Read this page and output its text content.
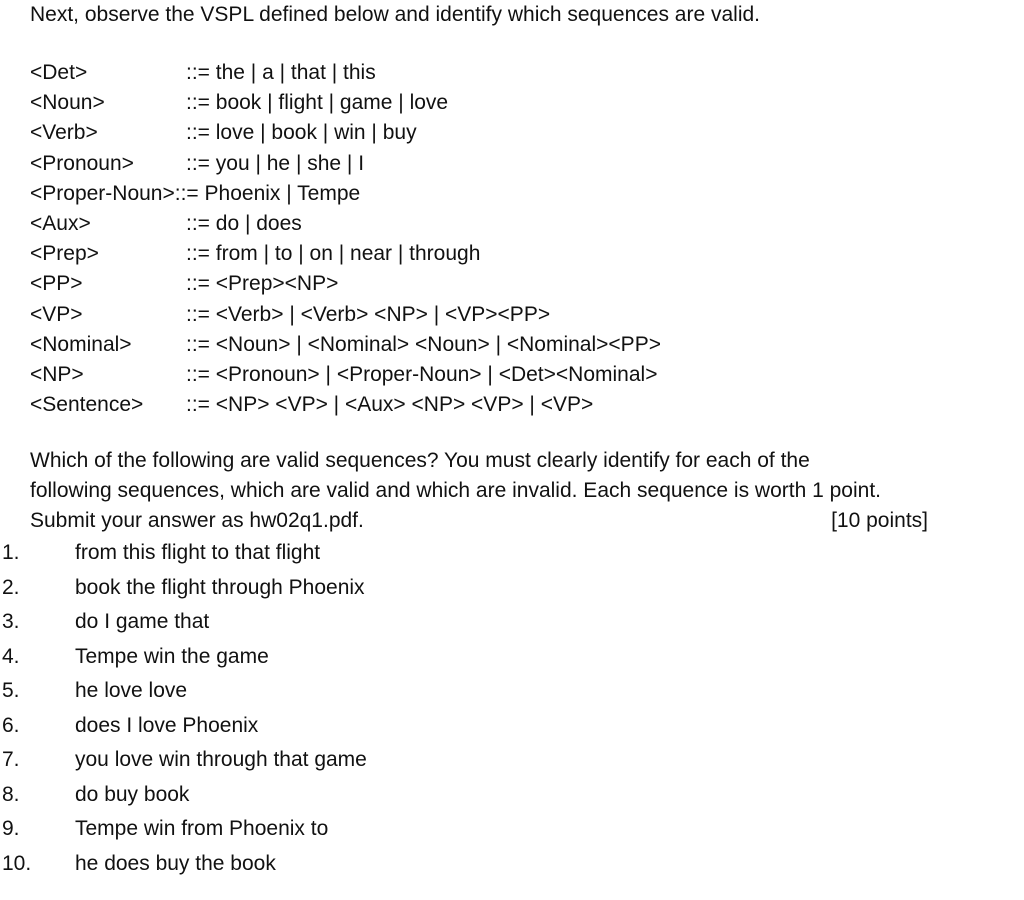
Next, observe the VSPL defined below and identify which sequences are valid.

<Det>	::= the | a | that | this
<Noun>	::= book | flight | game | love
<Verb>	::= love | book | win | buy
<Pronoun>	::= you | he | she | I
<Proper-Noun> ::= Phoenix | Tempe
<Aux>	::= do | does
<Prep>	::= from | to | on | near | through
<PP>	::= <Prep><NP>
<VP>	::= <Verb> | <Verb> <NP> | <VP><PP>
<Nominal>	::= <Noun> | <Nominal> <Noun> | <Nominal><PP>
<NP>	::= <Pronoun> | <Proper-Noun> | <Det><Nominal>
<Sentence>	::= <NP> <VP> | <Aux> <NP> <VP> | <VP>
Which of the following are valid sequences? You must clearly identify for each of the
following sequences, which are valid and which are invalid. Each sequence is worth 1 point.
Submit your answer as hw02q1.pdf.	[10 points]
1.	from this flight to that flight
2.	book the flight through Phoenix
3.	do I game that
4.	Tempe win the game
5.	he love love
6.	does I love Phoenix
7.	you love win through that game
8.	do buy book
9.	Tempe win from Phoenix to
10.	he does buy the book
